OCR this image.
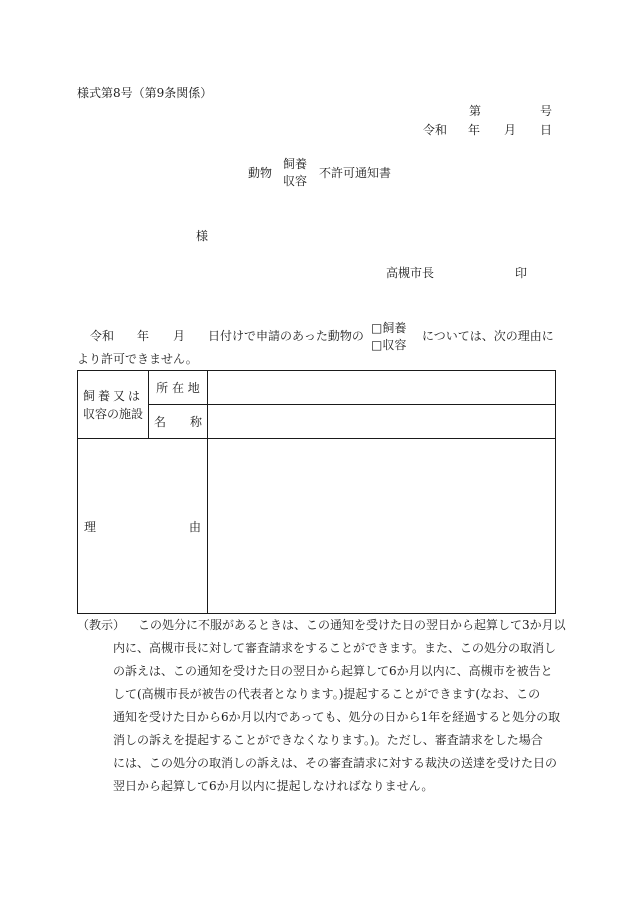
様式第8号（第9条関係）
第	号
令和 年 月 日
動物
飼養
収容
不許可通知書
様
高槻市長	印
令和 年 月 日付けで申請のあった動物の
□飼養
□収容
については、次の理由に
より許可できません。
飼養又は
収容の施設	所 在 地	

	名 称	

理 由		

（教示） この処分に不服があるときは、この通知を受けた日の翌日から起算して3か月以
内に、高槻市長に対して審査請求をすることができます。また、この処分の取消し
の訴えは、この通知を受けた日の翌日から起算して6か月以内に、高槻市を被告と
して(高槻市長が被告の代表者となります。)提起することができます(なお、この
通知を受けた日から6か月以内であっても、処分の日から1年を経過すると処分の取
消しの訴えを提起することができなくなります。)。ただし、審査請求をした場合
には、この処分の取消しの訴えは、その審査請求に対する裁決の送達を受けた日の
翌日から起算して6か月以内に提起しなければなりません。
